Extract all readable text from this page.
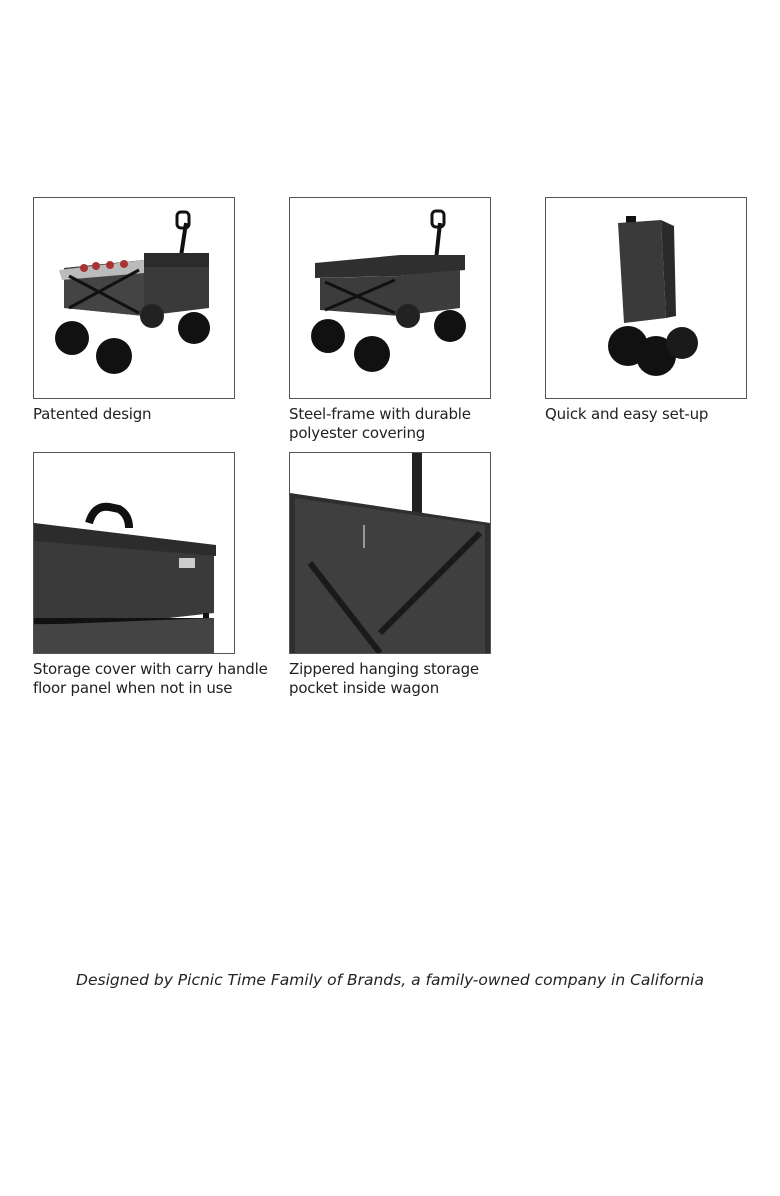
Patented design	Steel-frame with durable polyester covering
Quick and easy set-up
Storage cover with carry handle floor panel when not in use
Zippered hanging storage pocket inside wagon
Designed by Picnic Time Family of Brands, a family-owned company in California
